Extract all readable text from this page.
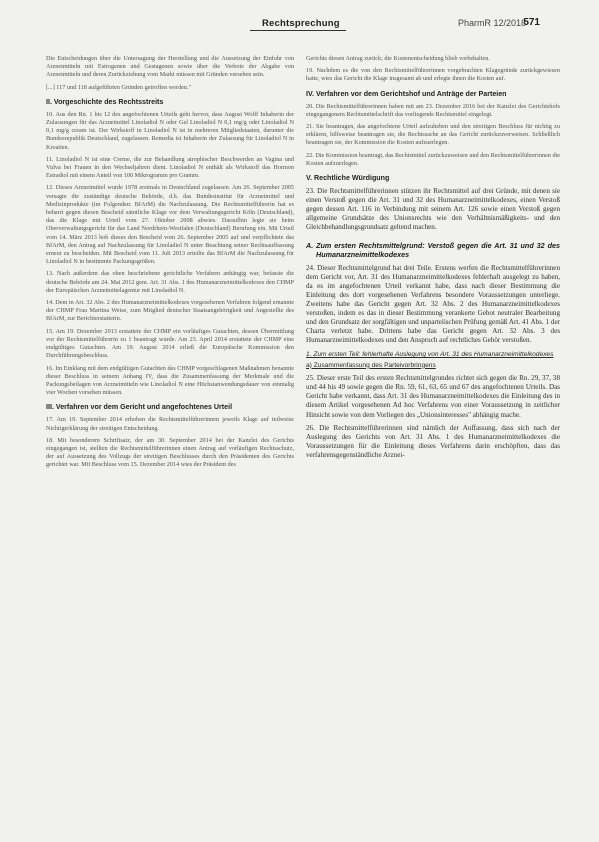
Rechtsprechung	PharmR 12/2018
571

Die Entscheidungen über die Untersagung der Herstellung und die Aussetzung der Einfuhr von Arzneimitteln mit Estrogenen und Gestagenen sowie über die Verbote der Abgabe von Arzneimitteln und deren Zurückziehung vom Markt müssen mit Gründen versehen sein.

[...] 117 und 118 aufgeführten Gründen getroffen werden."

II. Vorgeschichte des Rechtsstreits

10. Aus den Rn. 1 bis 12 des angefochtenen Urteils geht hervor, dass August Wolff Inhaberin der Zulassungen für das Arzneimittel Linoladiol N oder Gel Linoladiol N 0,1 mg/g oder Linoladiol N 0,1 mg/g cream ist. Der Wirkstoff in Linoladiol N ist in mehreren Mitgliedstaaten, darunter die Bundesrepublik Deutschland, zugelassen. Remedia ist Inhaberin der Zulassung für Linoladiol N in Kroatien.

11. Linoladiol N ist eine Creme, die zur Behandlung atrophischer Beschwerden an Vagina und Vulva bei Frauen in den Wechseljahren dient. Linoladiol N enthält als Wirkstoff das Hormon Estradiol mit einem Anteil von 100 Mikrogramm pro Gramm.

12. Dieses Arzneimittel wurde 1978 erstmals in Deutschland zugelassen. Am 26. September 2005 versagte die zuständige deutsche Behörde, d.h. das Bundesinstitut für Arzneimittel und Medizinprodukte (im Folgenden: BfArM) die Nachzulassung. Die Rechtsmittelführerin hat es beharrt gegen diesen Bescheid sämtliche Klage vor dem Verwaltungsgericht Köln (Deutschland), das die Klage mit Urteil vom 27. Oktober 2008 abwies. Daraufhin legte sie beim Oberverwaltungsgericht für das Land Nordrhein-Westfalen (Deutschland) Berufung ein. Mit Urteil vom 14. März 2013 hob dieses den Bescheid vom 26. September 2005 auf und verpflichtete das BfArM, den Antrag auf Nachzulassung für Linoladiol N unter Beachtung seiner Rechtsauffassung erneut zu bescheiden. Mit Bescheid vom 11. Juli 2013 erteilte das BfArM die Nachzulassung für Linoladiol N in bestimmte Packungsgrößen.

13. Nach außerdem das oben beschriebene gerichtliche Verfahren anhängig war, befasste die deutsche Behörde am 24. Mai 2012 gem. Art. 31 Abs. 1 des Humanarzneimittelkodexes den CHMP der Europäischen Arzneimittelagentur mit Linoladiol N.

14. Dem in Art. 32 Abs. 2 des Humanarzneimittelkodexes vorgesehenen Verfahren folgend ernannte der CHMP Frau Martina Weise, zum Mitglied deutscher Staatsangehörigkeit und Angestellte des BfArM, zur Berichterstatterin.

15. Am 19. Dezember 2013 erstattete der CHMP ein vorläufiges Gutachten, dessen Übermittlung vor der Rechtsmittelführerin zu 1 beantragt wurde. Am 23. April 2014 erstattete der CHMP eine endgültiges Gutachten. Am 19. August 2014 erließ die Europäische Kommission den Durchführungsbeschluss.

16. Im Einklang mit dem endgültigen Gutachten des CHMP vorgeschlagenen Maßnahmen benannte dieser Beschluss in seinem Anhang IV, dass die Zusammenfassung der Merkmale und die Packungsbeilagen von Arzneimitteln wie Linoladiol N eine Höchstanwendungsdauer von einmalig vier Wochen vorsehen müssen.

III. Verfahren vor dem Gericht und angefochtenes Urteil

17. Am 19. September 2014 erhoben die Rechtsmittelführerinnen jeweils Klage auf teilweise Nichtigerklärung der streitigen Entscheidung.

18. Mit besonderem Schriftsatz, der am 30. September 2014 bei der Kanzlei des Gerichts eingegangen ist, stellten die Rechtsmittelführerinnen einen Antrag auf vorläufigen Rechtsschutz, der auf Aussetzung des Vollzugs der streitigen Beschlusses durch den Präsidenten des Gerichts gerichtet war. Mit Beschluss vom 15. Dezember 2014 wies der Präsident des

Gerichts diesen Antrag zurück; die Kostenentscheidung blieb vorbehalten.

19. Nachdem es die von den Rechtsmittelführerinnen vorgebrachten Klagegründe zurückgewiesen hatte, wies das Gericht die Klage insgesamt ab und erlegte ihnen die Kosten auf.

IV. Verfahren vor dem Gerichtshof und Anträge der Parteien

20. Die Rechtsmittelführerinnen haben mit am 23. Dezember 2016 bei der Kanzlei des Gerichtshofs eingegangenem Rechtsmittelschrift das vorliegende Rechtsmittel eingelegt.

21. Sie beantragen, das angefochtene Urteil aufzuheben und den streitigen Beschluss für nichtig zu erklären, hilfsweise beantragen sie, die Rechtssache an das Gericht zurückzuverweisen. Schließlich beantragen sie, der Kommission die Kosten aufzuerlegen.

22. Die Kommission beantragt, das Rechtsmittel zurückzuweisen und den Rechtsmittelführerinnen die Kosten aufzuerlegen.

V. Rechtliche Würdigung

23. Die Rechtsmittelführerinnen stützen ihr Rechtsmittel auf drei Gründe, mit denen sie einen Verstoß gegen die Art. 31 und 32 des Humanarzneimittelkodexes, einen Verstoß gegen dessen Art. 116 in Verbindung mit seinem Art. 126 sowie einen Verstoß gegen allgemeine Grundsätze des Unionsrechts wie den Verhältnismäßigkeits- und den Gleichbehandlungsgrundsatz geltend machen.

A. Zum ersten Rechtsmittelgrund: Verstoß gegen die Art. 31 und 32 des Humanarzneimittelkodexes

24. Dieser Rechtsmittelgrund hat drei Teile. Erstens werfen die Rechtsmittelführerinnen dem Gericht vor, Art. 31 des Humanarzneimittelkodexes fehlerhaft ausgelegt zu haben, da es im angefochtenen Urteil verkannt habe, dass nach dieser Bestimmung die Einleitung des dort vorgesehenen Verfahrens besondere Voraussetzungen unterliege. Zweitens habe das Gericht gegen Art. 32 Abs. 2 des Humanarzneimittelkodexes verstoßen, indem es das in dieser Bestimmung verankerte Gebot neutraler Bearbeitung und den Grundsatz der sorgfältigen und unparteiischen Prüfung gemäß Art. 41 Abs. 1 der Charta verletzt habe. Drittens habe das Gericht gegen Art. 32 Abs. 3 des Humanarzneimittelkodexes und den Anspruch auf rechtliches Gehör verstoßen.

1. Zum ersten Teil: fehlerhafte Auslegung von Art. 31 des Humanarzneimittelkodexes
a) Zusammenfassung des Parteivorbringens

25. Dieser erste Teil des ersten Rechtsmittelgrundes richtet sich gegen die Rn. 29, 37, 38 und 44 bis 49 sowie gegen die Rn. 59, 61, 63, 65 und 67 des angefochtenen Urteils. Das Gericht habe verkannt, dass Art. 31 des Humanarzneimittelkodexes die Einleitung des in diesem Artikel vorgesehenen Ad hoc Verfahrens von einer Voraussetzung in zeitlicher Hinsicht sowie von dem Vorliegen des „Unionsinteresses" abhängig mache.

26. Die Rechtsmittelführerinnen sind nämlich der Auffassung, dass sich nach der Auslegung des Gerichts von Art. 31 Abs. 1 des Humanarzneimittelkodexes die Voraussetzungen für die Einleitung dieses Verfahrens darin erschöpften, dass das verfahrensgegenständliche Arznei-
